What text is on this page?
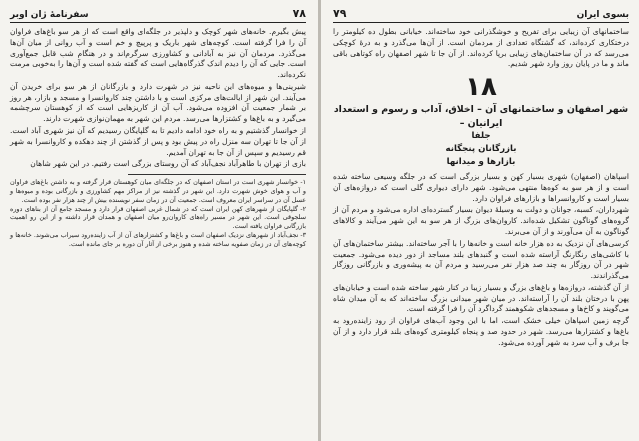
۷۸
سفرنامهٔ ژان اوبر

پیش بگیرم. خانه‌های شهر کوچک و دلپذیر در جلگه‌ای واقع است که از هر سو باغ‌های فراوان آن را فرا گرفته است. کوچه‌های شهر باریک و پرپیچ و خم است و آب روانی از میان آن‌ها می‌گذرد. مردمان آن نیز به آبادانی و کشاورزی سرگرم‌اند و در هنگام شب قابل جمع‌آوری است. جایی که آن را دیدم اندک گذرگاه‌هایی است که گفته شده است و آن‌ها را به‌خوبی مرمت نکرده‌اند.

شیرینی‌ها و میوه‌های این ناحیه نیز در شهرت دارد و بازرگانان از هر سو برای خریدن آن می‌آیند. این شهر از ایالت‌های مرکزی است و با داشتن چند کاروانسرا و مسجد و بازار، هر روز بر شمار جمعیت آن افزوده می‌شود. آب آن از کاریزهایی است که از کوهستان سرچشمه می‌گیرد و به باغ‌ها و کشتزارها می‌رسد. مردم این شهر به مهمان‌نوازی شهرت دارند.

از خوانسار گذشتیم و به راه خود ادامه دادیم تا به گلپایگان رسیدیم که آن نیز شهری آباد است. از آن جا تا تهران سه منزل راه در پیش بود و پس از گذشتن از چند دهکده و کاروانسرا به شهر قم رسیدیم و سپس از آن جا به تهران آمدیم.

بازی از تهران با طاهرآباد نجف‌آباد که آن روستای بزرگی است رفتیم. در این شهر شاهان

۱- خوانسار شهری است در استان اصفهان که در جلگه‌ای میان کوهستان قرار گرفته و به داشتن باغ‌های فراوان و آب و هوای خوش شهرت دارد. این شهر در گذشته نیز از مراکز مهم کشاورزی و بازرگانی بوده و میوه‌ها و عسل آن در سراسر ایران معروف است. جمعیت آن در زمان سفر نویسنده بیش از چند هزار نفر بوده است.

۲- گلپایگان از شهرهای کهن ایران است که در شمال غربی اصفهان قرار دارد و مسجد جامع آن از بناهای دوره سلجوقی است. این شهر در مسیر راه‌های کاروان‌رو میان اصفهان و همدان قرار داشته و از این رو اهمیت بازرگانی فراوان یافته است.

۳- نجف‌آباد از شهرهای نزدیک اصفهان است و باغ‌ها و کشتزارهای آن از آب زاینده‌رود سیراب می‌شوند. خانه‌ها و کوچه‌های آن در زمان صفویه ساخته شده و هنوز برخی از آثار آن دوره بر جای مانده است.

بسوی ایران
۷۹

ساختمانهای آن زیبایی برای تفریح و خوشگذرانی خود ساخته‌اند. خیابانی بطول ده کیلومتر را درختکاری کرده‌اند، که گشتگاه تعدادی از مردمان است. از آن‌ها می‌گذرد و به درهٔ کوچکی می‌رسد که در آن ساختمان‌های زیبایی برپا کرده‌اند. از آن جا تا شهر اصفهان راه کوتاهی باقی ماند و ما در پایان روز وارد شهر شدیم.

۱۸
شهر اصفهان و ساختمانهای آن – اخلاق، آداب و رسوم و استعداد ایرانیان –
جلفا
بازرگانان پنجگانه
بازارها و میدانها

اسپاهان (اصفهان) شهری بسیار کهن و بسیار بزرگی است که در جلگه وسیعی ساخته شده است و از هر سو به کوه‌ها منتهی می‌شود. شهر دارای دیواری گلی است که دروازه‌های آن بسیار است و کاروانسراها و بازارهای فراوان دارد.

شهرداران، کسبه، جوانان و دولت به وسیلهٔ دیوان بسیار گسترده‌ای اداره می‌شود و مردم آن از گروه‌های گوناگون تشکیل شده‌اند. کاروان‌های بزرگ از هر سو به این شهر می‌آیند و کالاهای گوناگون به آن می‌آورند و از آن می‌برند.

کرسی‌های آن نزدیک به ده هزار خانه است و خانه‌ها را با آجر ساخته‌اند. بیشتر ساختمان‌های آن با کاشی‌های رنگارنگ آراسته شده است و گنبدهای بلند مساجد از دور دیده می‌شود. جمعیت شهر در آن روزگار به چند صد هزار نفر می‌رسید و مردم آن به پیشه‌وری و بازرگانی روزگار می‌گذراندند.

از آن گذشته، دروازه‌ها و باغ‌های بزرگ و بسیار زیبا در کنار شهر ساخته شده است و خیابان‌های پهن با درختان بلند آن را آراسته‌اند. در میان شهر میدانی بزرگ ساخته‌اند که به آن میدان شاه می‌گویند و کاخ‌ها و مسجدهای شکوهمند گرداگرد آن را فرا گرفته است.

گرچه زمین اسپاهان خیلی خشک است، اما با این وجود آب‌های فراوان از رود زاینده‌رود به باغ‌ها و کشتزارها می‌رسد. شهر در حدود صد و پنجاه کیلومتری کوه‌های بلند قرار دارد و از آن جا برف و آب سرد به شهر آورده می‌شود.
